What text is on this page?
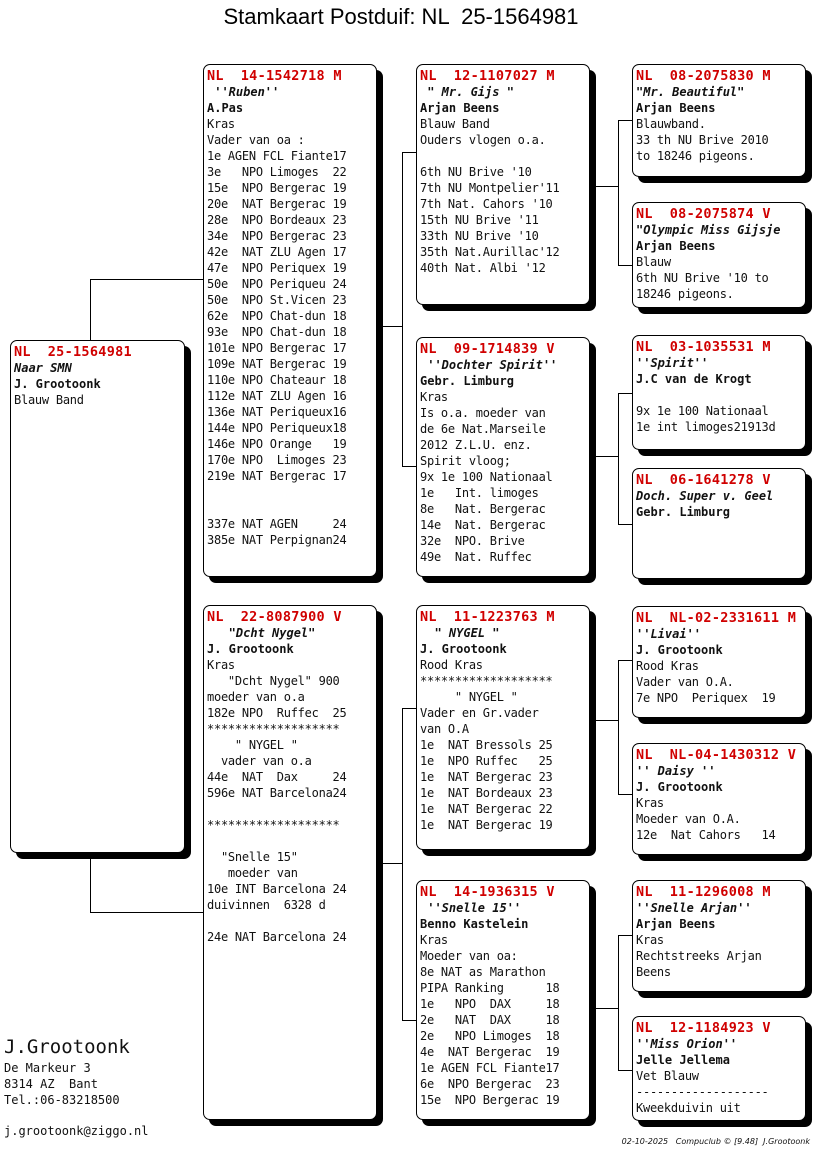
Stamkaart Postduif: NL  25-1564981
NL  25-1564981
Naar SMN
J. Grootoonk
Blauw Band
NL  14-1542718 M
''Ruben''
A.Pas
Kras
Vader van oa :
1e AGEN FCL Fiante17
3e   NPO Limoges  22
15e  NPO Bergerac 19
20e  NAT Bergerac 19
28e  NPO Bordeaux 23
34e  NPO Bergerac 23
42e  NAT ZLU Agen 17
47e  NPO Periquex 19
50e  NPO Periqueu 24
50e  NPO St.Vicen 23
62e  NPO Chat-dun 18
93e  NPO Chat-dun 18
101e NPO Bergerac 17
109e NAT Bergerac 19
110e NPO Chateaur 18
112e NAT ZLU Agen 16
136e NAT Periqueux16
144e NPO Periqueux18
146e NPO Orange   19
170e NPO  Limoges 23
219e NAT Bergerac 17
337e NAT AGEN     24
385e NAT Perpignan24
NL  22-8087900 V
"Dcht Nygel"
J. Grootoonk
Kras
"Dcht Nygel" 900
moeder van o.a
182e NPO  Ruffec  25
*******************
" NYGEL "
vader van o.a
44e  NAT  Dax     24
596e NAT Barcelona24
*******************
"Snelle 15"
moeder van
10e INT Barcelona 24
duivinnen  6328 d
24e NAT Barcelona 24
NL  12-1107027 M
" Mr. Gijs "
Arjan Beens
Blauw Band
Ouders vlogen o.a.
6th NU Brive '10
7th NU Montpelier'11
7th Nat. Cahors '10
15th NU Brive '11
33th NU Brive '10
35th Nat.Aurillac'12
40th Nat. Albi '12
NL  09-1714839 V
''Dochter Spirit''
Gebr. Limburg
Kras
Is o.a. moeder van
de 6e Nat.Marseile
2012 Z.L.U. enz.
Spirit vloog;
9x 1e 100 Nationaal
1e   Int. limoges
8e   Nat. Bergerac
14e  Nat. Bergerac
32e  NPO. Brive
49e  Nat. Ruffec
NL  11-1223763 M
" NYGEL "
J. Grootoonk
Rood Kras
*******************
" NYGEL "
Vader en Gr.vader
van O.A
1e  NAT Bressols 25
1e  NPO Ruffec   25
1e  NAT Bergerac 23
1e  NAT Bordeaux 23
1e  NAT Bergerac 22
1e  NAT Bergerac 19
NL  14-1936315 V
''Snelle 15''
Benno Kastelein
Kras
Moeder van oa:
8e NAT as Marathon
PIPA Ranking      18
1e   NPO  DAX     18
2e   NAT  DAX     18
2e   NPO Limoges  18
4e  NAT Bergerac  19
1e AGEN FCL Fiante17
6e  NPO Bergerac  23
15e  NPO Bergerac 19
NL  08-2075830 M
"Mr. Beautiful"
Arjan Beens
Blauwband.
33 th NU Brive 2010
to 18246 pigeons.
NL  08-2075874 V
"Olympic Miss Gijsje
Arjan Beens
Blauw
6th NU Brive '10 to
18246 pigeons.
NL  03-1035531 M
''Spirit''
J.C van de Krogt
9x 1e 100 Nationaal
1e int limoges21913d
NL  06-1641278 V
Doch. Super v. Geel
Gebr. Limburg
NL  NL-02-2331611 M
''Livai''
J. Grootoonk
Rood Kras
Vader van O.A.
7e NPO  Periquex  19
NL  NL-04-1430312 V
'' Daisy ''
J. Grootoonk
Kras
Moeder van O.A.
12e  Nat Cahors   14
NL  11-1296008 M
''Snelle Arjan''
Arjan Beens
Kras
Rechtstreeks Arjan
Beens
NL  12-1184923 V
''Miss Orion''
Jelle Jellema
Vet Blauw
-------------------
Kweekduivin uit
J.Grootoonk
De Markeur 3
8314 AZ  Bant
Tel.:06-83218500
j.grootoonk@ziggo.nl
02-10-2025   Compuclub © [9.48]  J.Grootoonk
